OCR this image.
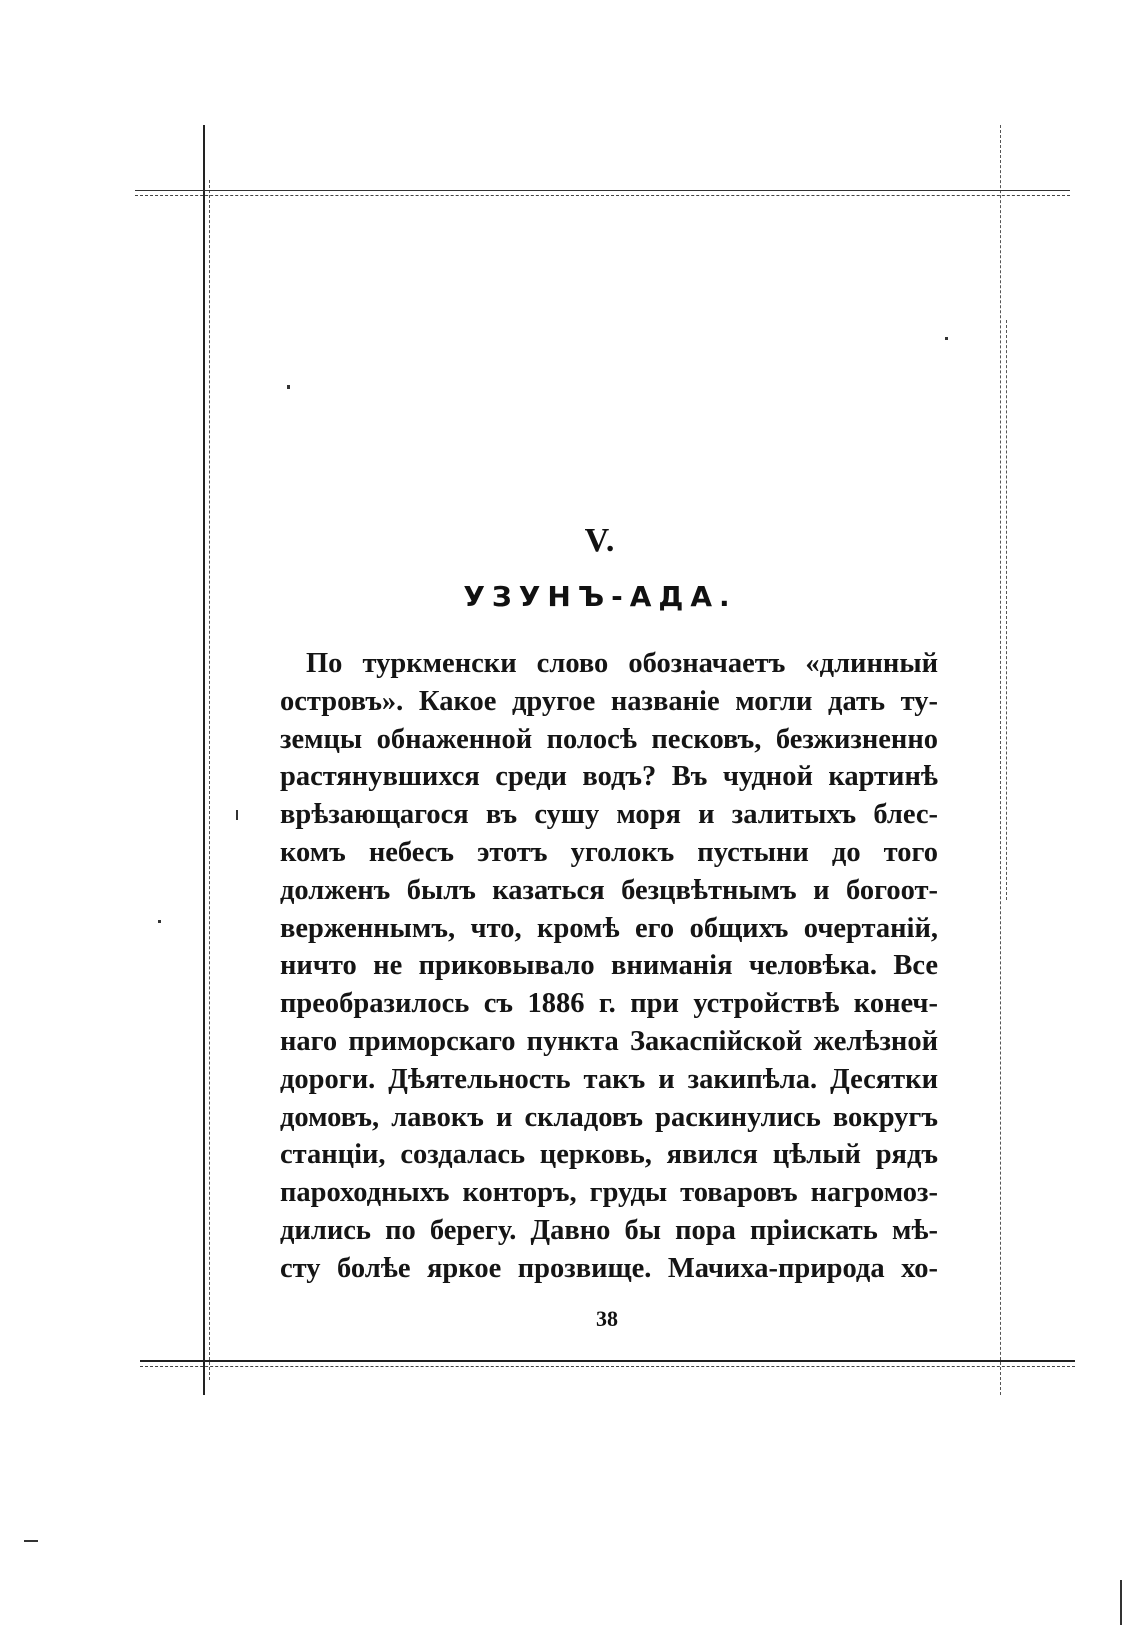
V.
УЗУНЪ-АДА.
По туркменски слово обозначаетъ «длинный
островъ». Какое другое названіе могли дать ту-
земцы обнаженной полосѣ песковъ, безжизненно
растянувшихся среди водъ? Въ чудной картинѣ
врѣзающагося въ сушу моря и залитыхъ блес-
комъ небесъ этотъ уголокъ пустыни до того
долженъ былъ казаться безцвѣтнымъ и богоот-
верженнымъ, что, кромѣ его общихъ очертаній,
ничто не приковывало вниманія человѣка. Все
преобразилось съ 1886 г. при устройствѣ конеч-
наго приморскаго пункта Закаспійской желѣзной
дороги. Дѣятельность такъ и закипѣла. Десятки
домовъ, лавокъ и складовъ раскинулись вокругъ
станціи, создалась церковь, явился цѣлый рядъ
пароходныхъ конторъ, груды товаровъ нагромоз-
дились по берегу. Давно бы пора пріискать мѣ-
сту болѣе яркое прозвище. Мачиха-природа хо-
38
